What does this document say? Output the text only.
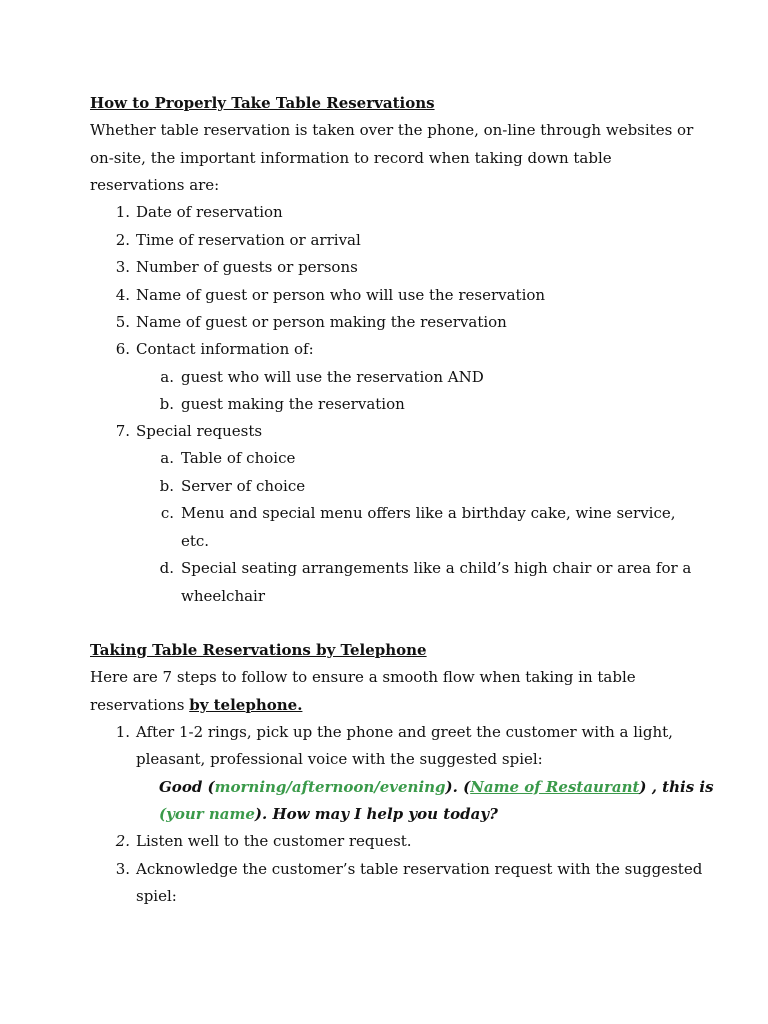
How to Properly Take Table Reservations
Whether table reservation is taken over the phone, on-line through websites or
on-site, the important information to record when taking down table
reservations are:
1. Date of reservation
2. Time of reservation or arrival
3. Number of guests or persons
4. Name of guest or person who will use the reservation
5. Name of guest or person making the reservation
6. Contact information of:
a. guest who will use the reservation AND
b. guest making the reservation
7. Special requests
a. Table of choice
b. Server of choice
c. Menu and special menu offers like a birthday cake, wine service,
etc.
d. Special seating arrangements like a child’s high chair or area for a
wheelchair
Taking Table Reservations by Telephone
Here are 7 steps to follow to ensure a smooth flow when taking in table
reservations by telephone.
1. After 1-2 rings, pick up the phone and greet the customer with a light,
pleasant, professional voice with the suggested spiel:
Good (morning/afternoon/evening). (Name of Restaurant) , this is
(your name). How may I help you today?
2. Listen well to the customer request.
3. Acknowledge the customer’s table reservation request with the suggested
spiel:
